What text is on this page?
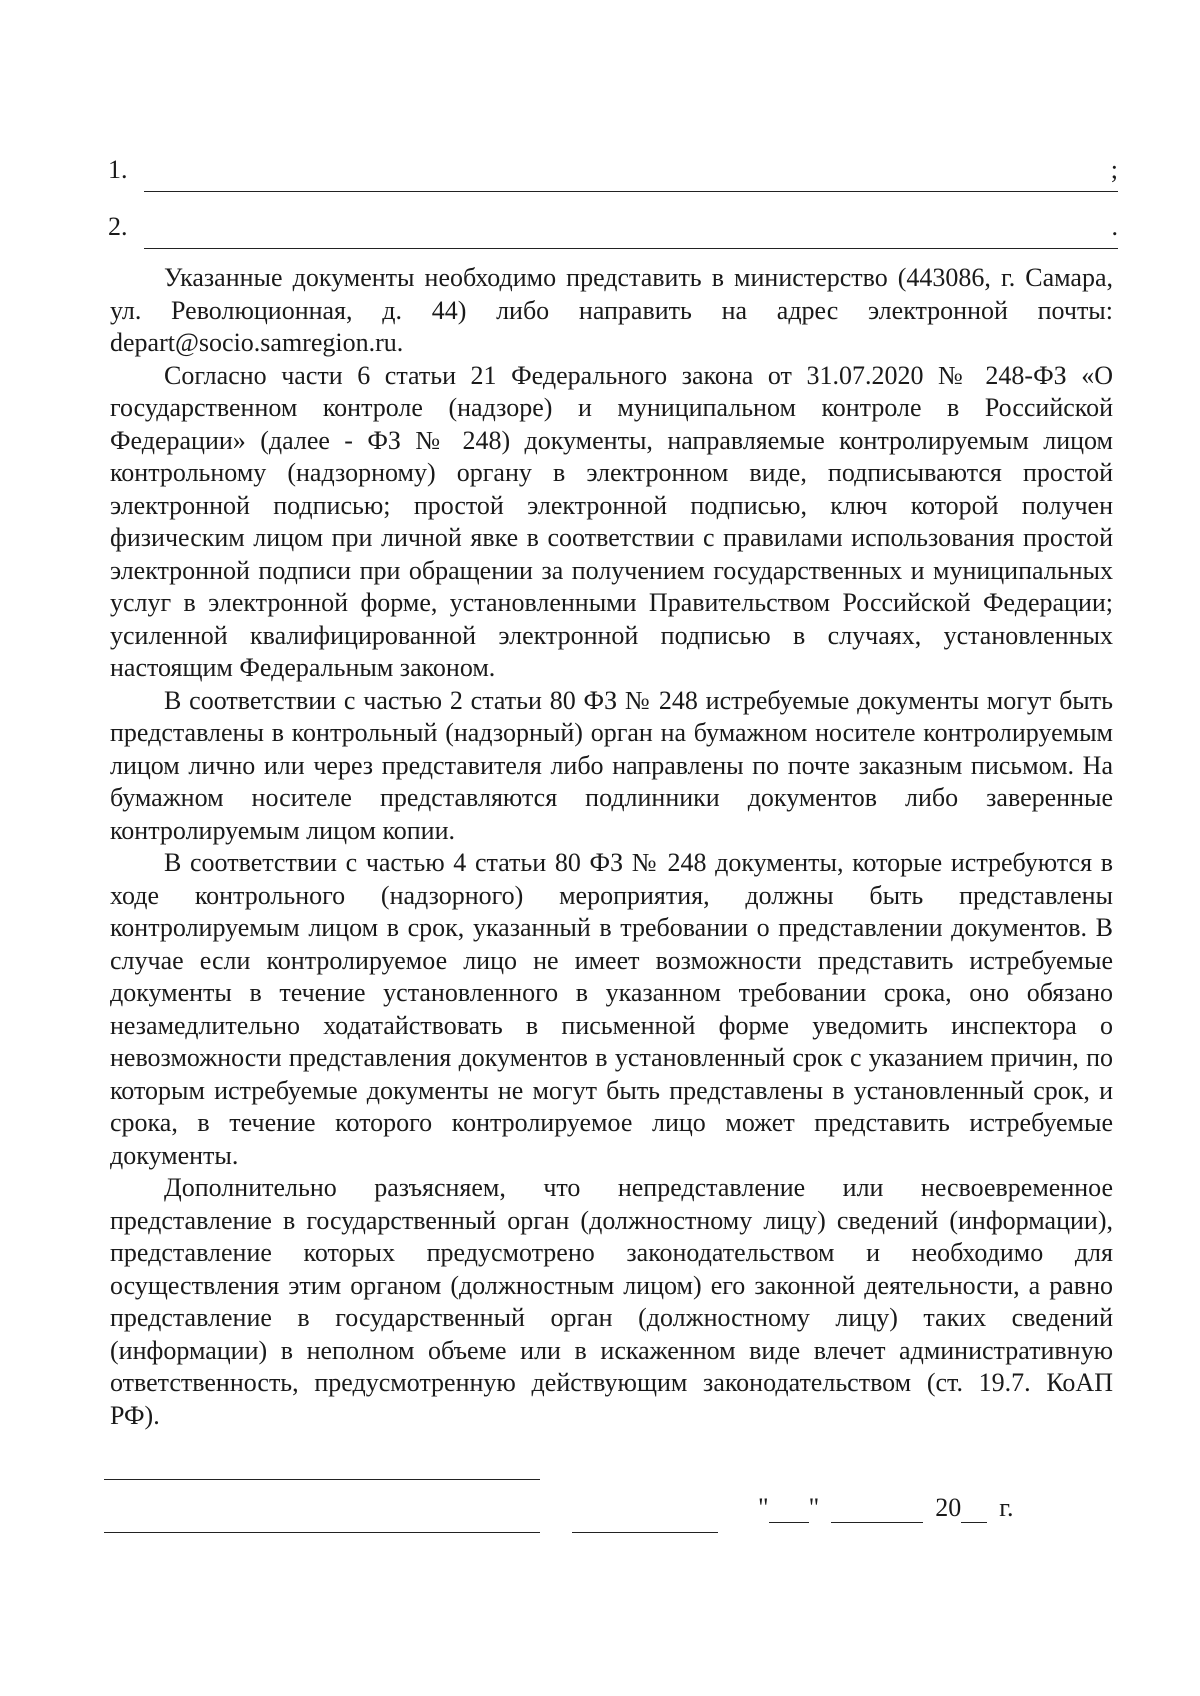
1.	;
2.	.

Указанные документы необходимо представить в министерство (443086, г. Самара, ул. Революционная, д. 44) либо направить на адрес электронной почты: depart@socio.samregion.ru.

Согласно части 6 статьи 21 Федерального закона от 31.07.2020 № 248-ФЗ «О государственном контроле (надзоре) и муниципальном контроле в Российской Федерации» (далее - ФЗ № 248) документы, направляемые контролируемым лицом контрольному (надзорному) органу в электронном виде, подписываются простой электронной подписью; простой электронной подписью, ключ которой получен физическим лицом при личной явке в соответствии с правилами использования простой электронной подписи при обращении за получением государственных и муниципальных услуг в электронной форме, установленными Правительством Российской Федерации; усиленной квалифицированной электронной подписью в случаях, установленных настоящим Федеральным законом.

В соответствии с частью 2 статьи 80 ФЗ № 248 истребуемые документы могут быть представлены в контрольный (надзорный) орган на бумажном носителе контролируемым лицом лично или через представителя либо направлены по почте заказным письмом. На бумажном носителе представляются подлинники документов либо заверенные контролируемым лицом копии.

В соответствии с частью 4 статьи 80 ФЗ № 248 документы, которые истребуются в ходе контрольного (надзорного) мероприятия, должны быть представлены контролируемым лицом в срок, указанный в требовании о представлении документов. В случае если контролируемое лицо не имеет возможности представить истребуемые документы в течение установленного в указанном требовании срока, оно обязано незамедлительно ходатайствовать в письменной форме уведомить инспектора о невозможности представления документов в установленный срок с указанием причин, по которым истребуемые документы не могут быть представлены в установленный срок, и срока, в течение которого контролируемое лицо может представить истребуемые документы.

Дополнительно разъясняем, что непредставление или несвоевременное представление в государственный орган (должностному лицу) сведений (информации), представление которых предусмотрено законодательством и необходимо для осуществления этим органом (должностным лицом) его законной деятельности, а равно представление в государственный орган (должностному лицу) таких сведений (информации) в неполном объеме или в искаженном виде влечет административную ответственность, предусмотренную действующим законодательством (ст. 19.7. КоАП РФ).

" "	20 г.
